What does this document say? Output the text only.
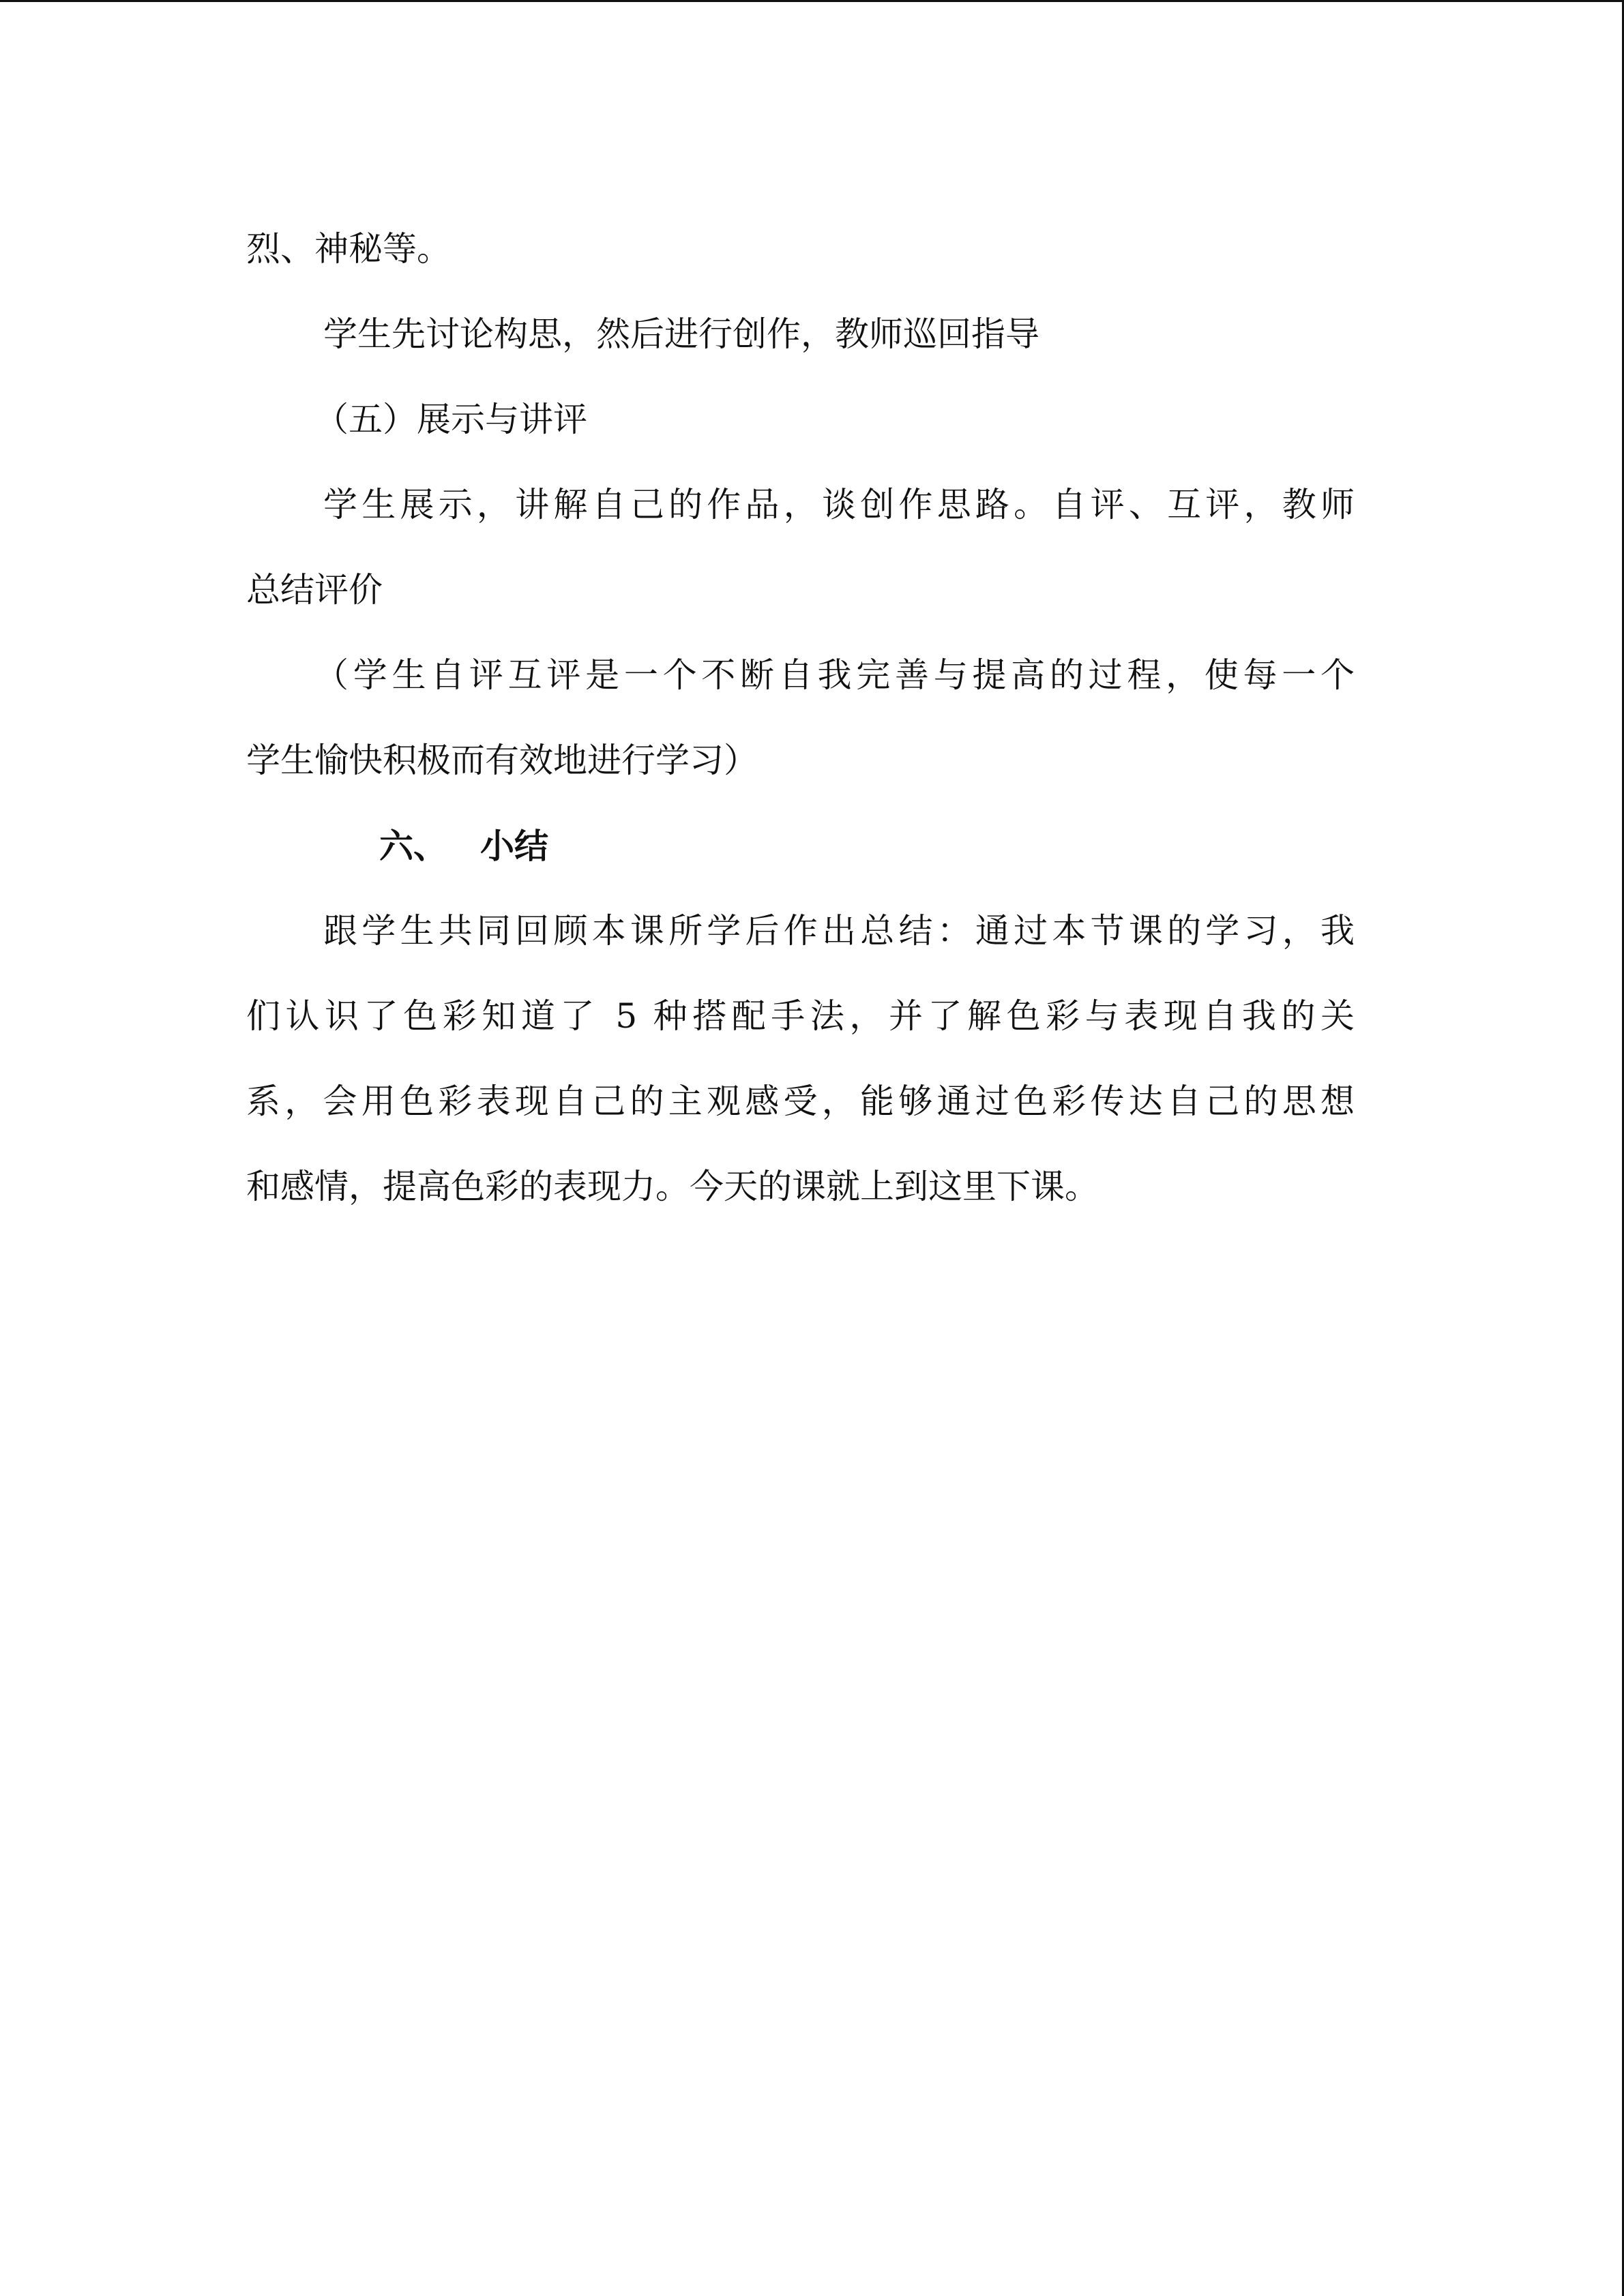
烈、神秘等。
学生先讨论构思，然后进行创作，教师巡回指导
（五）展示与讲评
学生展示，讲解自己的作品，谈创作思路。自评、互评，教师
总结评价
（学生自评互评是一个不断自我完善与提高的过程，使每一个
学生愉快积极而有效地进行学习）
六、 小结
跟学生共同回顾本课所学后作出总结：通过本节课的学习，我
们认识了色彩知道了 5 种搭配手法，并了解色彩与表现自我的关
系，会用色彩表现自己的主观感受，能够通过色彩传达自己的思想
和感情，提高色彩的表现力。今天的课就上到这里下课。
